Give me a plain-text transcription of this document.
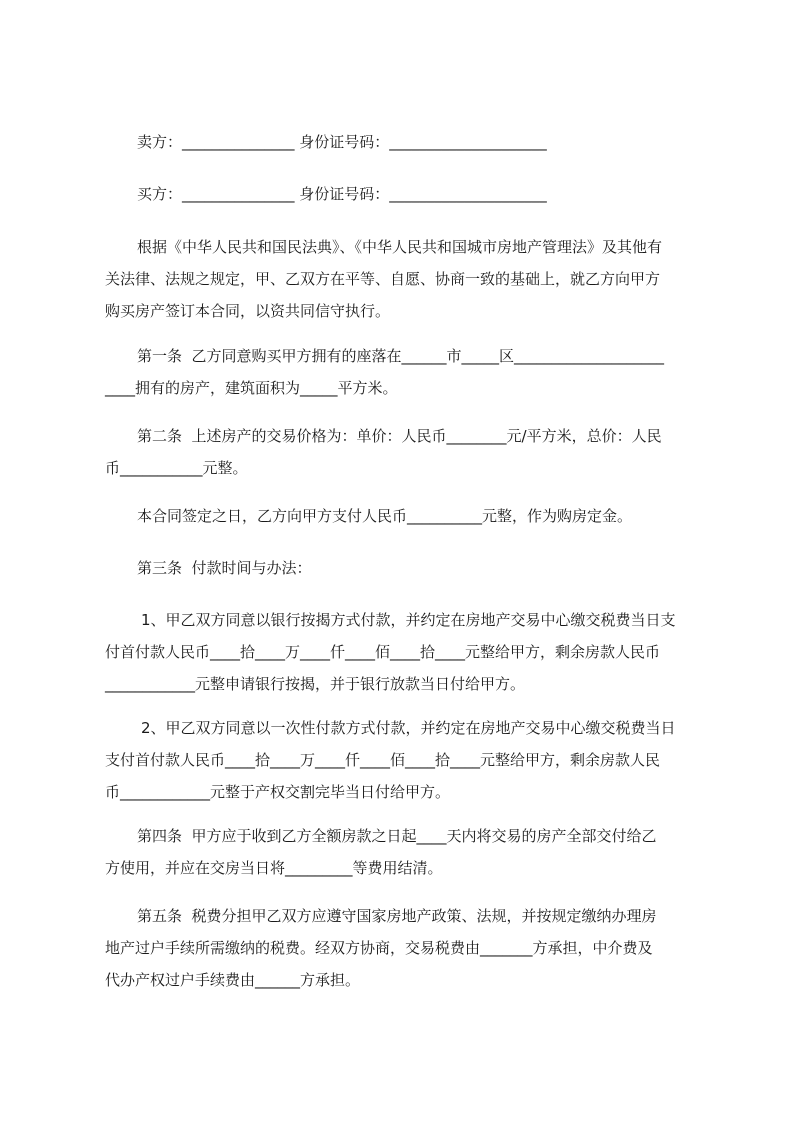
卖方：_______________ 身份证号码：_____________________

买方：_______________ 身份证号码：_____________________

根据《中华人民共和国民法典》、《中华人民共和国城市房地产管理法》及其他有
关法律、法规之规定，甲、乙双方在平等、自愿、协商一致的基础上，就乙方向甲方
购买房产签订本合同，以资共同信守执行。

第一条  乙方同意购买甲方拥有的座落在______市_____区____________________
____拥有的房产，建筑面积为_____平方米。

第二条  上述房产的交易价格为：单价：人民币________元/平方米，总价：人民
币___________元整。

本合同签定之日，乙方向甲方支付人民币__________元整，作为购房定金。

第三条  付款时间与办法：

1、甲乙双方同意以银行按揭方式付款，并约定在房地产交易中心缴交税费当日支
付首付款人民币____拾____万____仟____佰____拾____元整给甲方，剩余房款人民币
____________元整申请银行按揭，并于银行放款当日付给甲方。

2、甲乙双方同意以一次性付款方式付款，并约定在房地产交易中心缴交税费当日
支付首付款人民币____拾____万____仟____佰____拾____元整给甲方，剩余房款人民
币____________元整于产权交割完毕当日付给甲方。

第四条  甲方应于收到乙方全额房款之日起____天内将交易的房产全部交付给乙
方使用，并应在交房当日将_________等费用结清。

第五条  税费分担甲乙双方应遵守国家房地产政策、法规，并按规定缴纳办理房
地产过户手续所需缴纳的税费。经双方协商，交易税费由_______方承担，中介费及
代办产权过户手续费由______方承担。
